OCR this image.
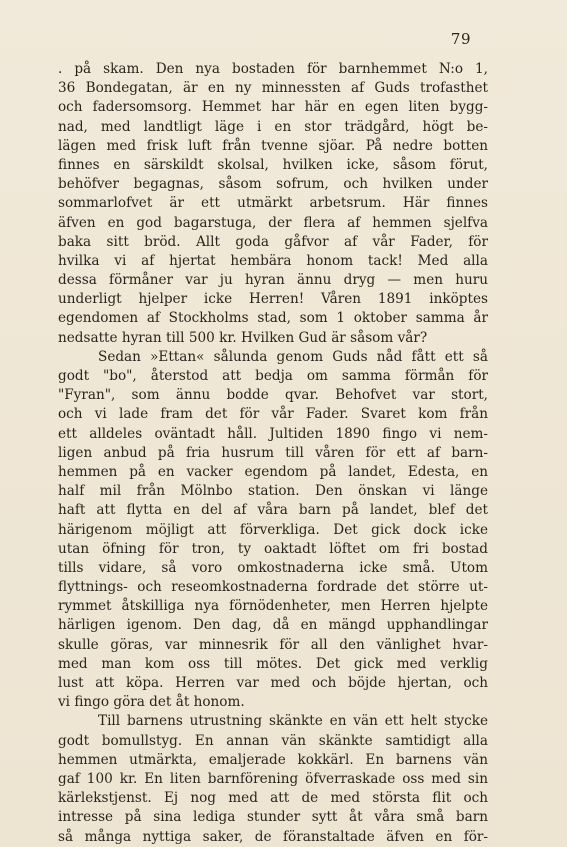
79
. på skam. Den nya bostaden för barnhemmet N:o 1,
36 Bondegatan, är en ny minnessten af Guds trofasthet
och fadersomsorg. Hemmet har här en egen liten bygg-
nad, med landtligt läge i en stor trädgård, högt be-
lägen med frisk luft från tvenne sjöar. På nedre botten
finnes en särskildt skolsal, hvilken icke, såsom förut,
behöfver begagnas, såsom sofrum, och hvilken under
sommarlofvet är ett utmärkt arbetsrum. Här finnes
äfven en god bagarstuga, der flera af hemmen sjelfva
baka sitt bröd. Allt goda gåfvor af vår Fader, för
hvilka vi af hjertat hembära honom tack! Med alla
dessa förmåner var ju hyran ännu dryg — men huru
underligt hjelper icke Herren! Våren 1891 inköptes
egendomen af Stockholms stad, som 1 oktober samma år
nedsatte hyran till 500 kr. Hvilken Gud är såsom vår?
Sedan »Ettan« sålunda genom Guds nåd fått ett så
godt "bo", återstod att bedja om samma förmån för
"Fyran", som ännu bodde qvar. Behofvet var stort,
och vi lade fram det för vår Fader. Svaret kom från
ett alldeles oväntadt håll. Jultiden 1890 fingo vi nem-
ligen anbud på fria husrum till våren för ett af barn-
hemmen på en vacker egendom på landet, Edesta, en
half mil från Mölnbo station. Den önskan vi länge
haft att flytta en del af våra barn på landet, blef det
härigenom möjligt att förverkliga. Det gick dock icke
utan öfning för tron, ty oaktadt löftet om fri bostad
tills vidare, så voro omkostnaderna icke små. Utom
flyttnings- och reseomkostnaderna fordrade det större ut-
rymmet åtskilliga nya förnödenheter, men Herren hjelpte
härligen igenom. Den dag, då en mängd upphandlingar
skulle göras, var minnesrik för all den vänlighet hvar-
med man kom oss till mötes. Det gick med verklig
lust att köpa. Herren var med och böjde hjertan, och
vi fingo göra det åt honom.
Till barnens utrustning skänkte en vän ett helt stycke
godt bomullstyg. En annan vän skänkte samtidigt alla
hemmen utmärkta, emaljerade kokkärl. En barnens vän
gaf 100 kr. En liten barnförening öfverraskade oss med sin
kärlekstjenst. Ej nog med att de med största flit och
intresse på sina lediga stunder sytt åt våra små barn
så många nyttiga saker, de föranstaltade äfven en för-
